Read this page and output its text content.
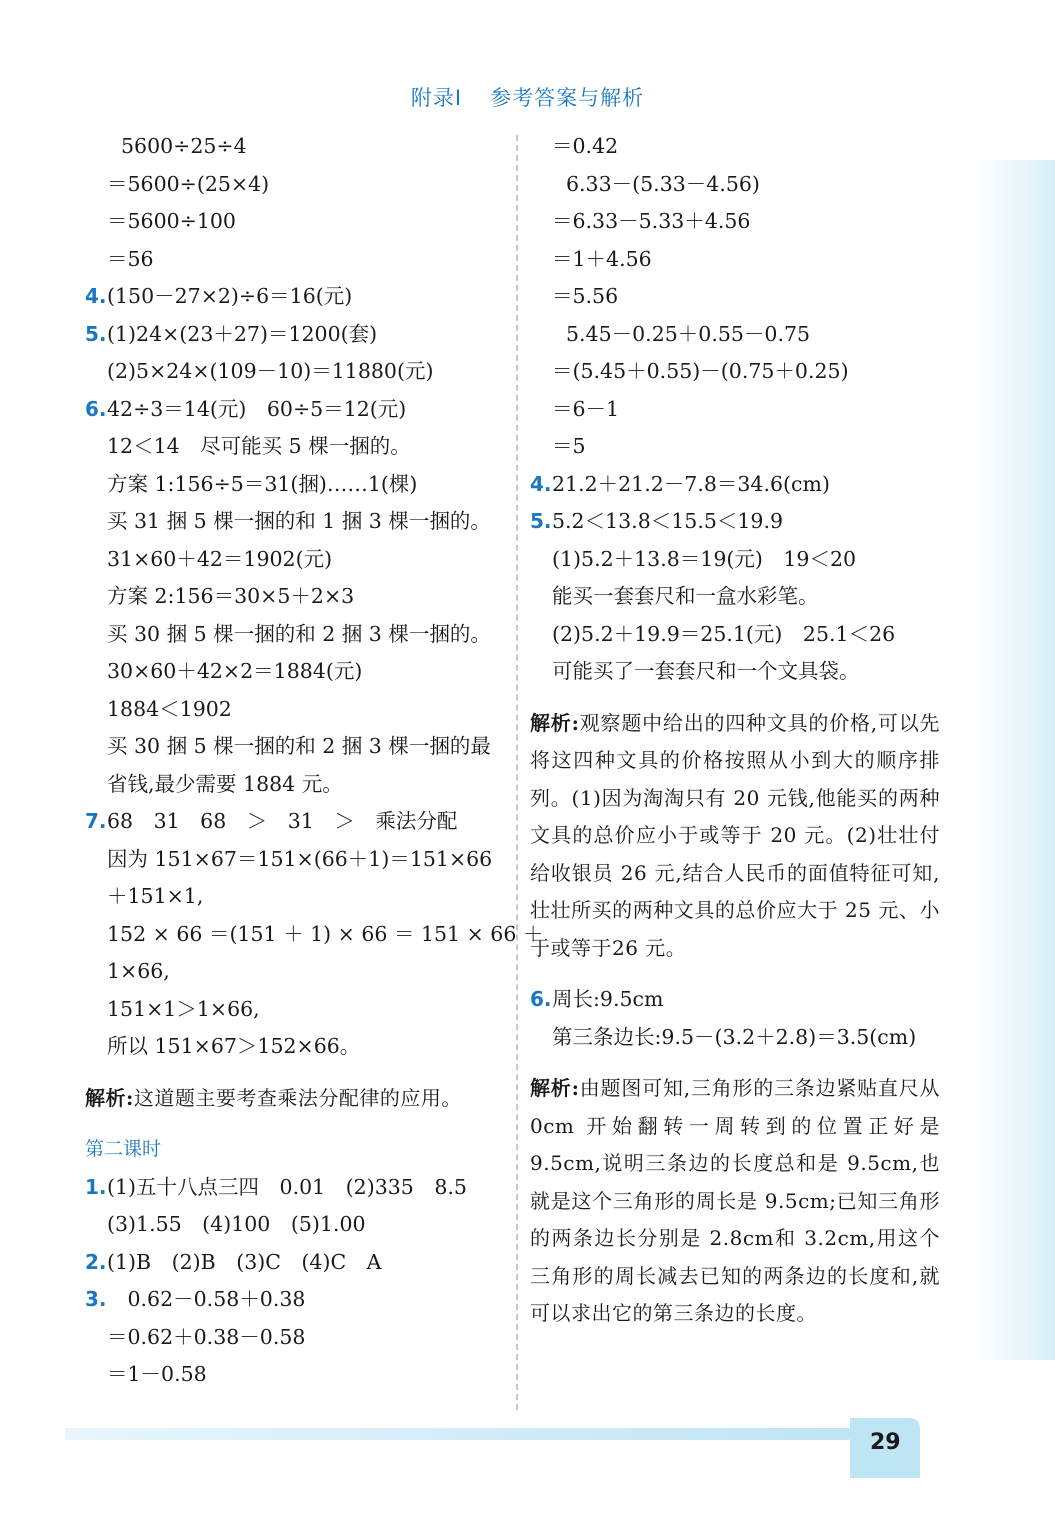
附录Ⅰ 参考答案与解析
5600÷25÷4
＝5600÷(25×4)
＝5600÷100
＝56
4.(150－27×2)÷6＝16(元)
5.(1)24×(23＋27)＝1200(套)
(2)5×24×(109－10)＝11880(元)
6.42÷3＝14(元)　60÷5＝12(元)
12＜14　尽可能买 5 棵一捆的。
方案 1:156÷5＝31(捆)……1(棵)
买 31 捆 5 棵一捆的和 1 捆 3 棵一捆的。
31×60＋42＝1902(元)
方案 2:156＝30×5＋2×3
买 30 捆 5 棵一捆的和 2 捆 3 棵一捆的。
30×60＋42×2＝1884(元)
1884＜1902
买 30 捆 5 棵一捆的和 2 捆 3 棵一捆的最
省钱,最少需要 1884 元。
7.68　31　68　＞　31　＞　乘法分配
因为 151×67＝151×(66＋1)＝151×66
＋151×1,
152 × 66 ＝(151 ＋ 1) × 66 ＝ 151 × 66 ＋
1×66,
151×1＞1×66,
所以 151×67＞152×66。
解析:这道题主要考查乘法分配律的应用。
第二课时
1.(1)五十八点三四　0.01　(2)335　8.5
(3)1.55　(4)100　(5)1.00
2.(1)B　(2)B　(3)C　(4)C　A
3.　0.62－0.58＋0.38
＝0.62＋0.38－0.58
＝1－0.58
＝0.42
6.33－(5.33－4.56)
＝6.33－5.33＋4.56
＝1＋4.56
＝5.56
5.45－0.25＋0.55－0.75
＝(5.45＋0.55)－(0.75＋0.25)
＝6－1
＝5
4.21.2＋21.2－7.8＝34.6(cm)
5.5.2＜13.8＜15.5＜19.9
(1)5.2＋13.8＝19(元)　19＜20
能买一套套尺和一盒水彩笔。
(2)5.2＋19.9＝25.1(元)　25.1＜26
可能买了一套套尺和一个文具袋。
解析:观察题中给出的四种文具的价格,可以先将这四种文具的价格按照从小到大的顺序排列。(1)因为淘淘只有 20 元钱,他能买的两种文具的总价应小于或等于 20 元。(2)壮壮付给收银员 26 元,结合人民币的面值特征可知,壮壮所买的两种文具的总价应大于 25 元、小于或等于26 元。
6.周长:9.5cm
第三条边长:9.5－(3.2＋2.8)＝3.5(cm)
解析:由题图可知,三角形的三条边紧贴直尺从 0cm 开始翻转一周转到的位置正好是 9.5cm,说明三条边的长度总和是 9.5cm,也就是这个三角形的周长是 9.5cm;已知三角形的两条边长分别是 2.8cm和 3.2cm,用这个三角形的周长减去已知的两条边的长度和,就可以求出它的第三条边的长度。
29
